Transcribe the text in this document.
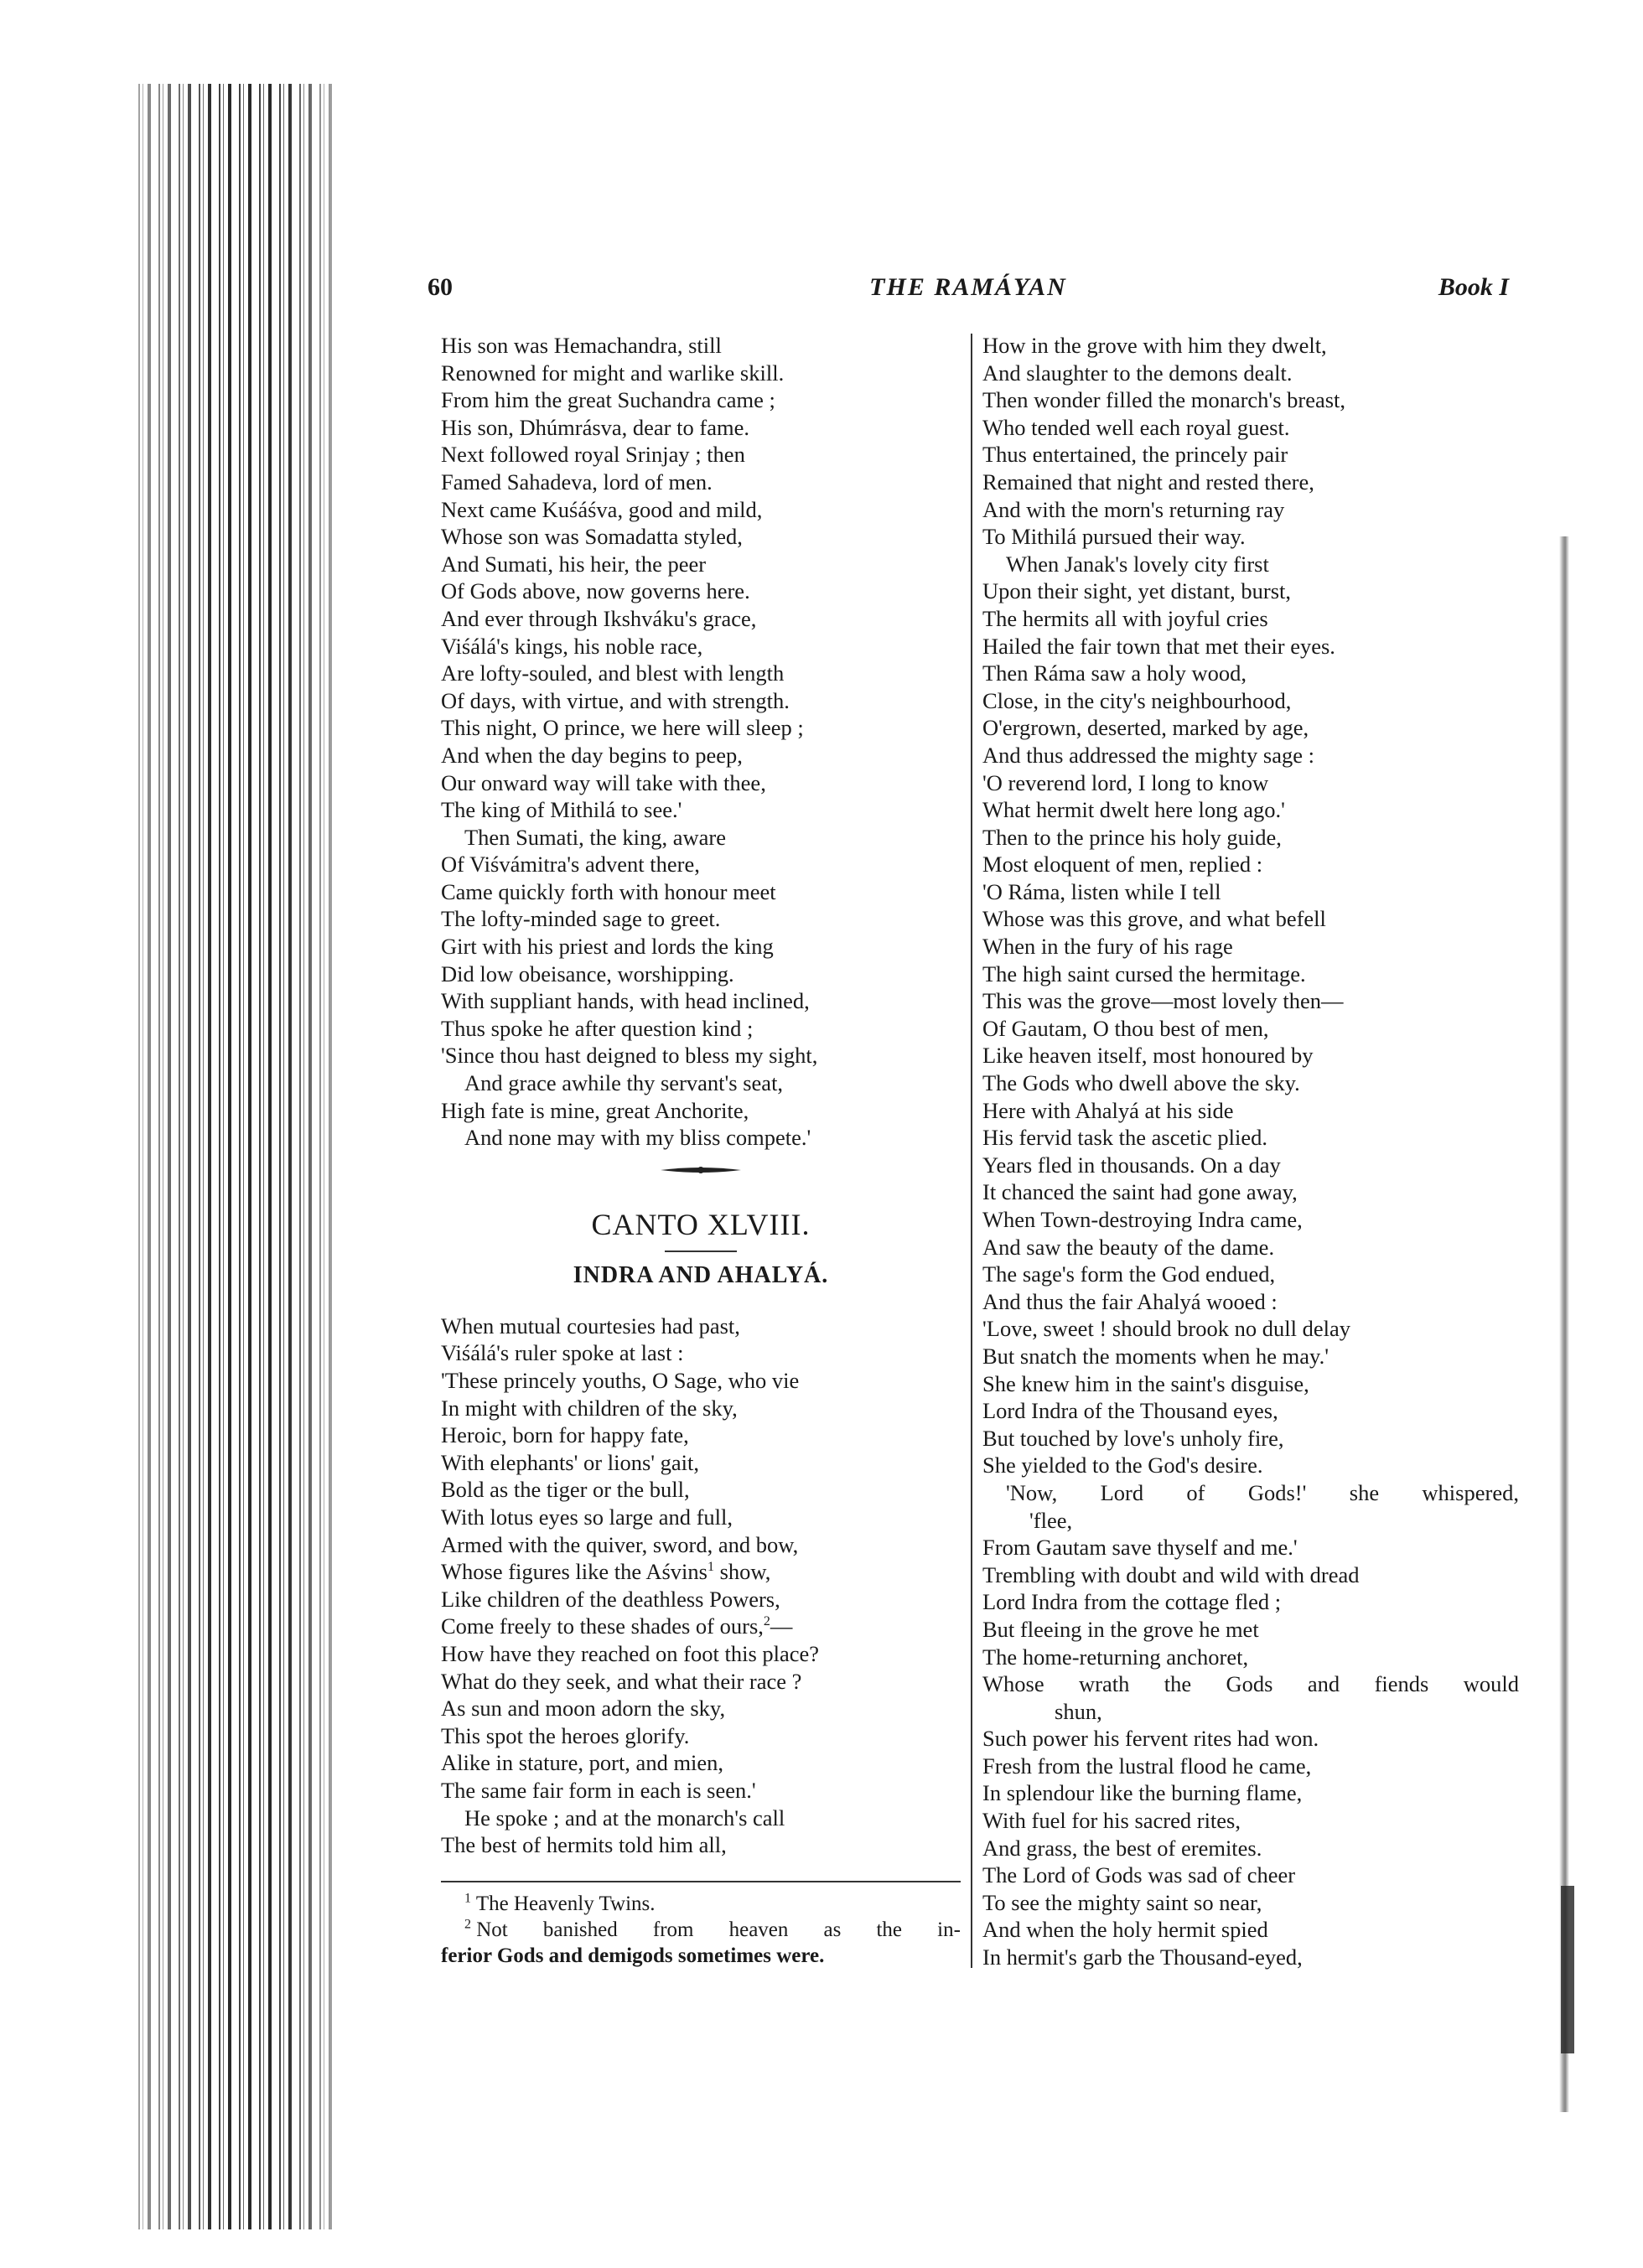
60	THE RAMÁYAN	Book I
His son was Hemachandra, still
Renowned for might and warlike skill.
From him the great Suchandra came ;
His son, Dhúmrásva, dear to fame.
Next followed royal Srinjay ; then
Famed Sahadeva, lord of men.
Next came Kuśáśva, good and mild,
Whose son was Somadatta styled,
And Sumati, his heir, the peer
Of Gods above, now governs here.
And ever through Ikshváku's grace,
Viśálá's kings, his noble race,
Are lofty-souled, and blest with length
Of days, with virtue, and with strength.
This night, O prince, we here will sleep ;
And when the day begins to peep,
Our onward way will take with thee,
The king of Mithilá to see.'
Then Sumati, the king, aware
Of Viśvámitra's advent there,
Came quickly forth with honour meet
The lofty-minded sage to greet.
Girt with his priest and lords the king
Did low obeisance, worshipping.
With suppliant hands, with head inclined,
Thus spoke he after question kind ;
'Since thou hast deigned to bless my sight,
And grace awhile thy servant's seat,
High fate is mine, great Anchorite,
And none may with my bliss compete.'
CANTO XLVIII.
INDRA AND AHALYÁ.
When mutual courtesies had past,
Viśálá's ruler spoke at last :
'These princely youths, O Sage, who vie
In might with children of the sky,
Heroic, born for happy fate,
With elephants' or lions' gait,
Bold as the tiger or the bull,
With lotus eyes so large and full,
Armed with the quiver, sword, and bow,
Whose figures like the Aśvins$^1$ show,
Like children of the deathless Powers,
Come freely to these shades of ours,$^2$—
How have they reached on foot this place?
What do they seek, and what their race ?
As sun and moon adorn the sky,
This spot the heroes glorify.
Alike in stature, port, and mien,
The same fair form in each is seen.'
He spoke ; and at the monarch's call
The best of hermits told him all,
$^1$ The Heavenly Twins.
$^2$ Not banished from heaven as the in-
ferior Gods and demigods sometimes were.
How in the grove with him they dwelt,
And slaughter to the demons dealt.
Then wonder filled the monarch's breast,
Who tended well each royal guest.
Thus entertained, the princely pair
Remained that night and rested there,
And with the morn's returning ray
To Mithilá pursued their way.
When Janak's lovely city first
Upon their sight, yet distant, burst,
The hermits all with joyful cries
Hailed the fair town that met their eyes.
Then Ráma saw a holy wood,
Close, in the city's neighbourhood,
O'ergrown, deserted, marked by age,
And thus addressed the mighty sage :
'O reverend lord, I long to know
What hermit dwelt here long ago.'
Then to the prince his holy guide,
Most eloquent of men, replied :
'O Ráma, listen while I tell
Whose was this grove, and what befell
When in the fury of his rage
The high saint cursed the hermitage.
This was the grove—most lovely then—
Of Gautam, O thou best of men,
Like heaven itself, most honoured by
The Gods who dwell above the sky.
Here with Ahalyá at his side
His fervid task the ascetic plied.
Years fled in thousands. On a day
It chanced the saint had gone away,
When Town-destroying Indra came,
And saw the beauty of the dame.
The sage's form the God endued,
And thus the fair Ahalyá wooed :
'Love, sweet ! should brook no dull delay
But snatch the moments when he may.'
She knew him in the saint's disguise,
Lord Indra of the Thousand eyes,
But touched by love's unholy fire,
She yielded to the God's desire.
'Now, Lord of Gods!' she whispered,
'flee,
From Gautam save thyself and me.'
Trembling with doubt and wild with dread
Lord Indra from the cottage fled ;
But fleeing in the grove he met
The home-returning anchoret,
Whose wrath the Gods and fiends would
shun,
Such power his fervent rites had won.
Fresh from the lustral flood he came,
In splendour like the burning flame,
With fuel for his sacred rites,
And grass, the best of eremites.
The Lord of Gods was sad of cheer
To see the mighty saint so near,
And when the holy hermit spied
In hermit's garb the Thousand-eyed,
